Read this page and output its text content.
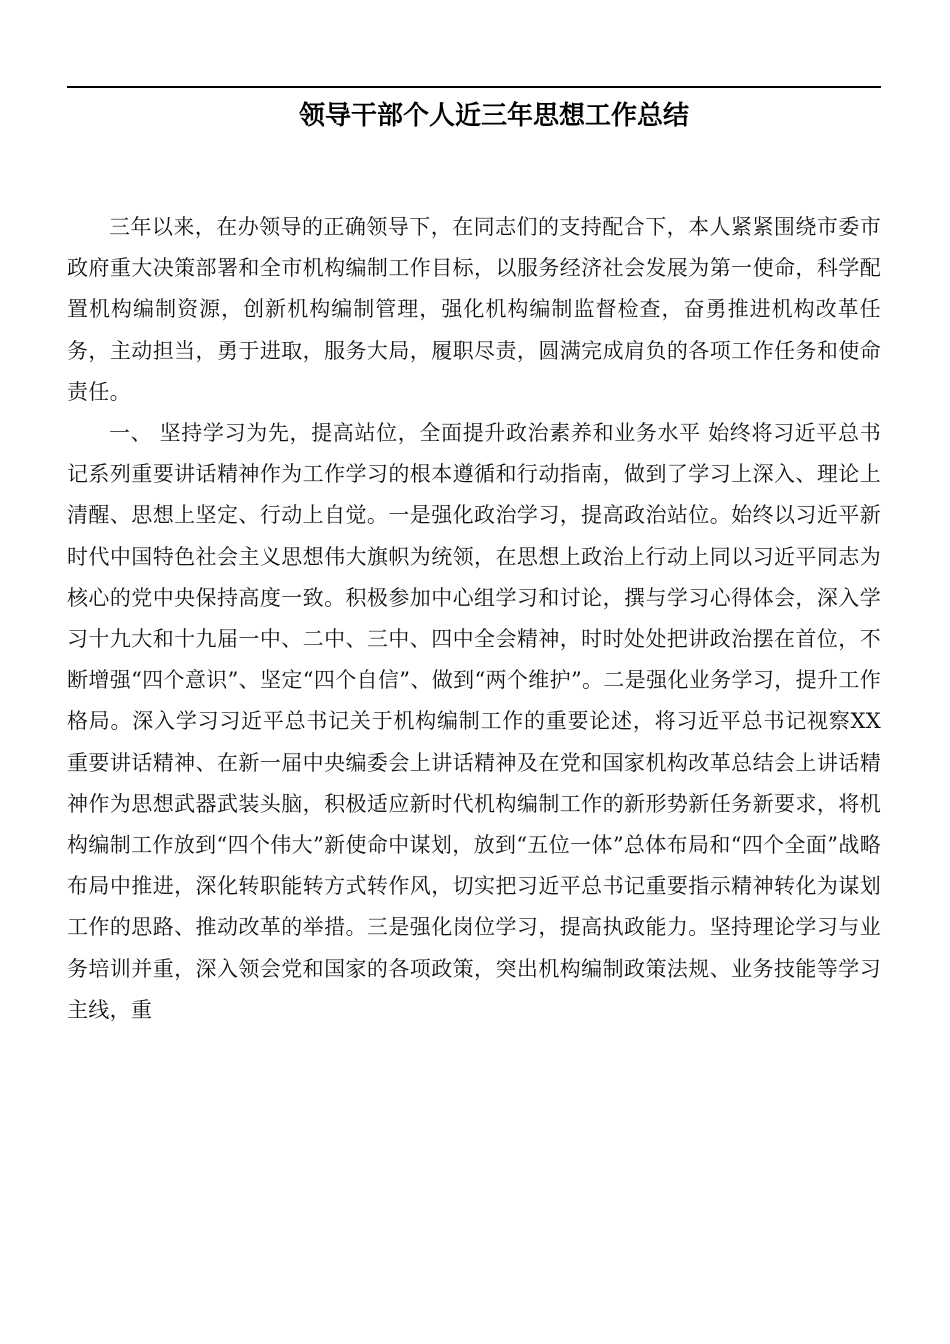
领导干部个人近三年思想工作总结

三年以来，在办领导的正确领导下，在同志们的支持配合下，本人紧紧围绕市委市政府重大决策部署和全市机构编制工作目标，以服务经济社会发展为第一使命，科学配置机构编制资源，创新机构编制管理，强化机构编制监督检查，奋勇推进机构改革任务，主动担当，勇于进取，服务大局，履职尽责，圆满完成肩负的各项工作任务和使命责任。

一、 坚持学习为先，提高站位，全面提升政治素养和业务水平 始终将习近平总书记系列重要讲话精神作为工作学习的根本遵循和行动指南，做到了学习上深入、理论上清醒、思想上坚定、行动上自觉。一是强化政治学习，提高政治站位。始终以习近平新时代中国特色社会主义思想伟大旗帜为统领，在思想上政治上行动上同以习近平同志为核心的党中央保持高度一致。积极参加中心组学习和讨论，撰与学习心得体会，深入学习十九大和十九届一中、二中、三中、四中全会精神，时时处处把讲政治摆在首位，不断增强“四个意识”、坚定“四个自信”、做到“两个维护”。二是强化业务学习，提升工作格局。深入学习习近平总书记关于机构编制工作的重要论述，将习近平总书记视察XX重要讲话精神、在新一届中央编委会上讲话精神及在党和国家机构改革总结会上讲话精神作为思想武器武装头脑，积极适应新时代机构编制工作的新形势新任务新要求，将机构编制工作放到“四个伟大”新使命中谋划，放到“五位一体”总体布局和“四个全面”战略布局中推进，深化转职能转方式转作风，切实把习近平总书记重要指示精神转化为谋划工作的思路、推动改革的举措。三是强化岗位学习，提高执政能力。坚持理论学习与业务培训并重，深入领会党和国家的各项政策，突出机构编制政策法规、业务技能等学习主线，重
